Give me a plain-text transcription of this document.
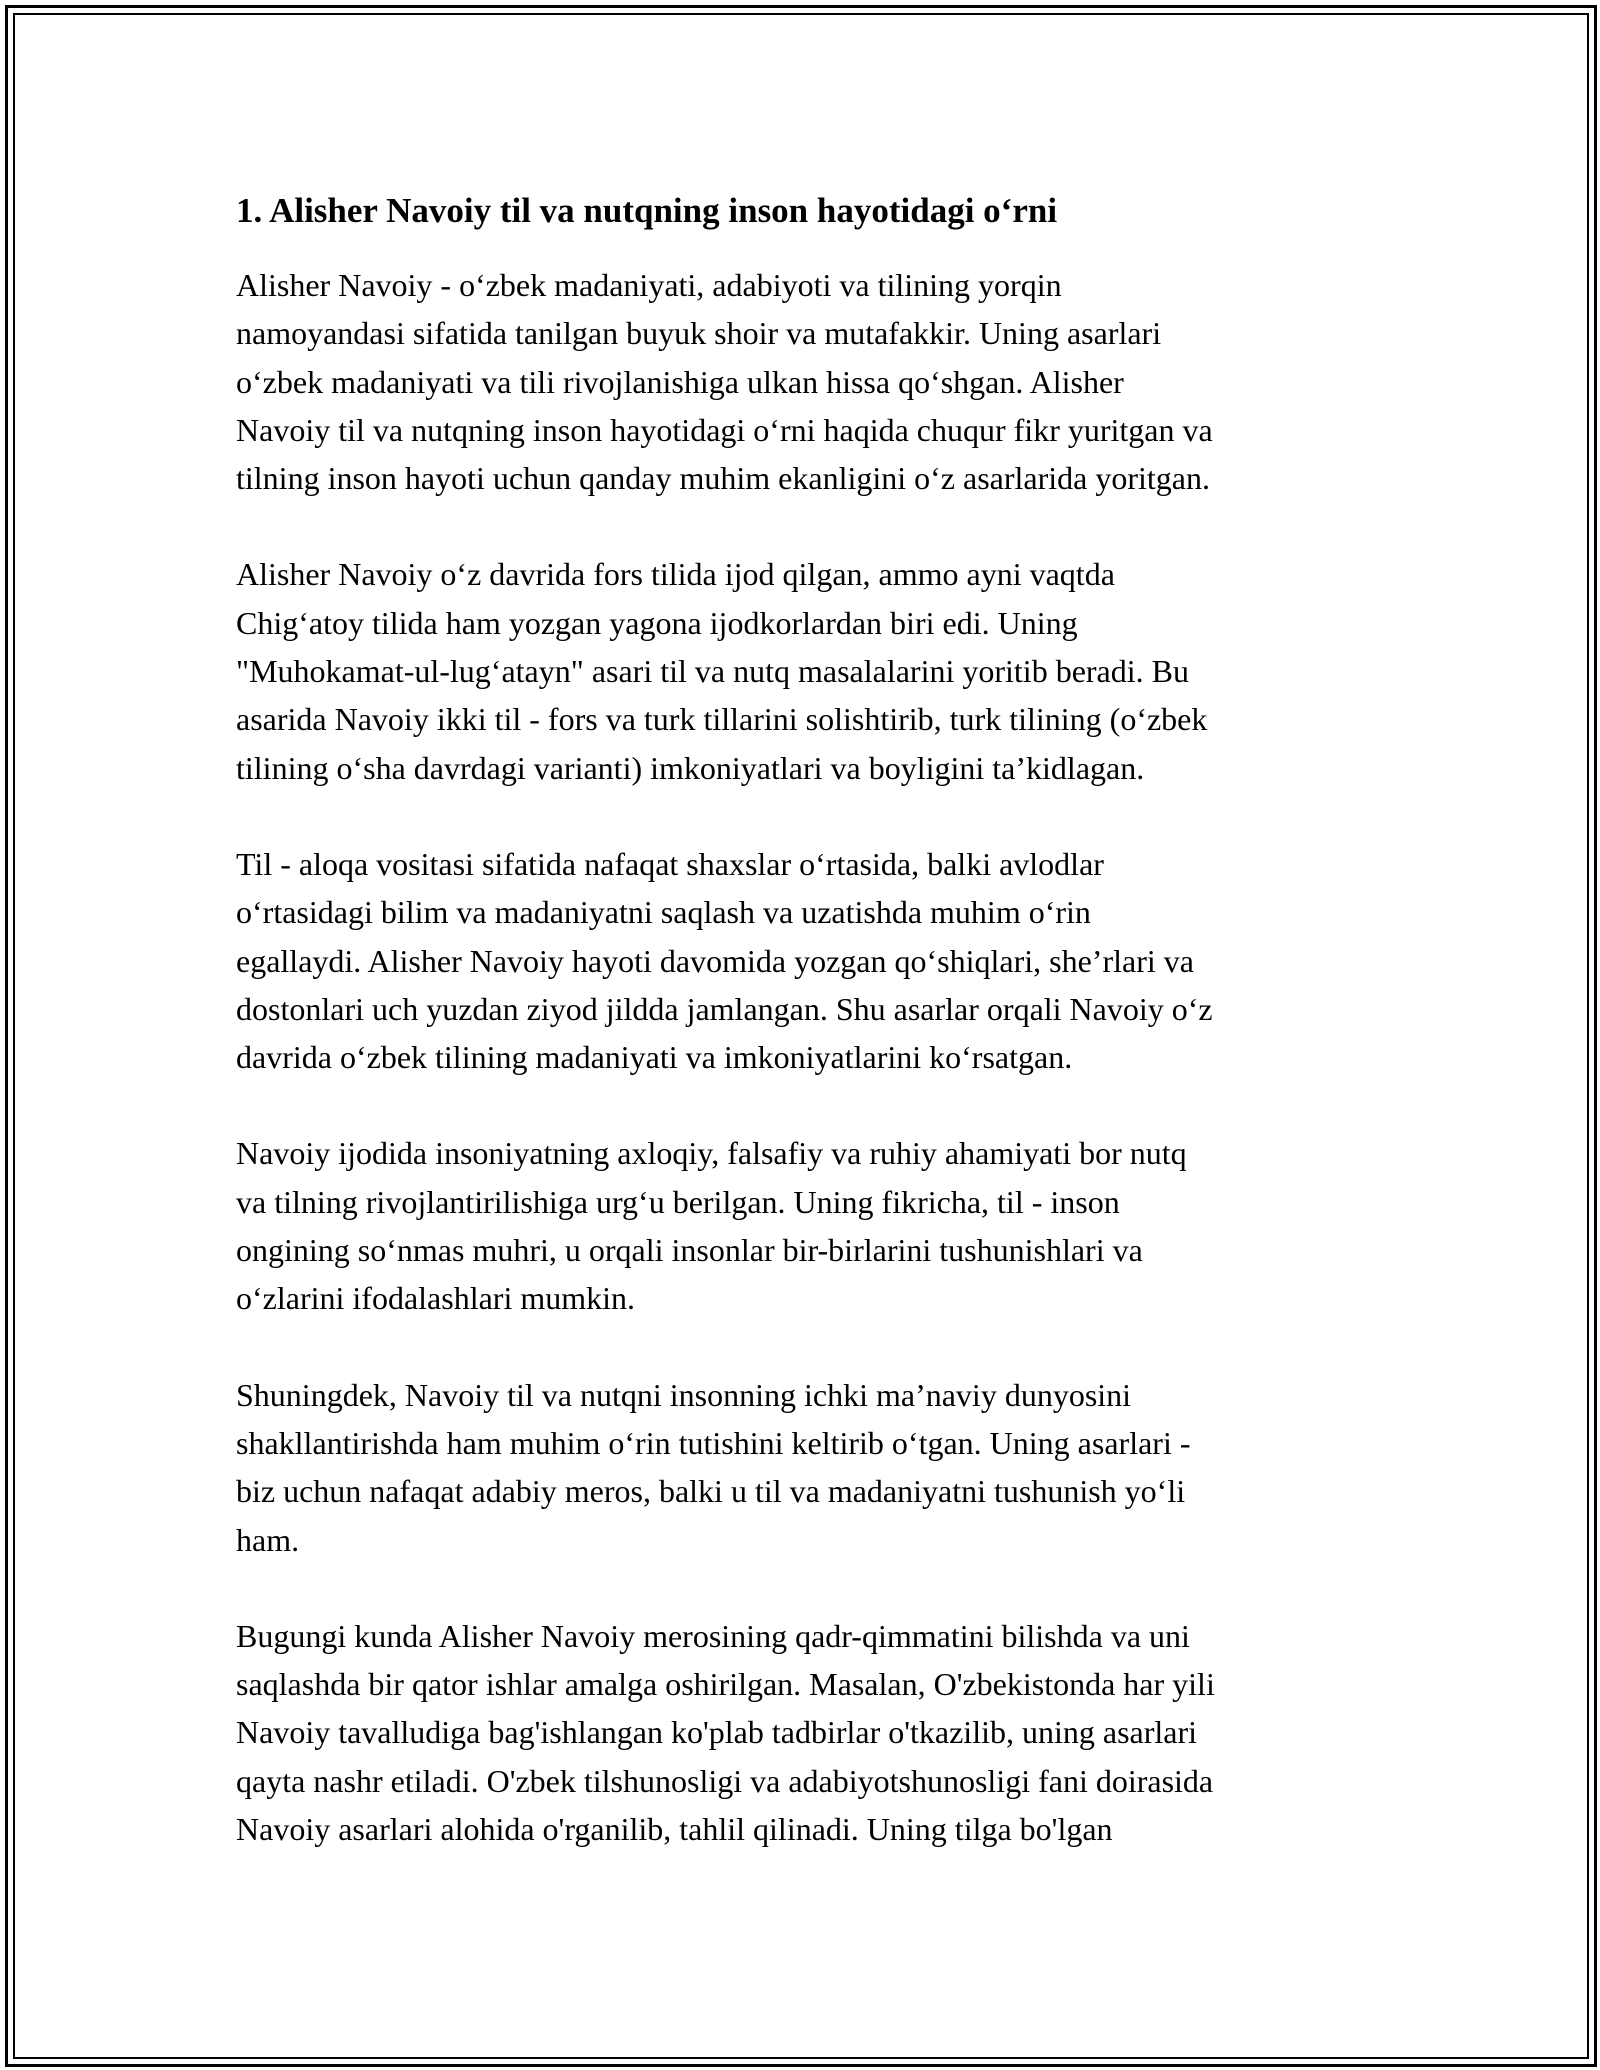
1. Alisher Navoiy til va nutqning inson hayotidagi o‘rni

Alisher Navoiy - o‘zbek madaniyati, adabiyoti va tilining yorqin
namoyandasi sifatida tanilgan buyuk shoir va mutafakkir. Uning asarlari
o‘zbek madaniyati va tili rivojlanishiga ulkan hissa qo‘shgan. Alisher
Navoiy til va nutqning inson hayotidagi o‘rni haqida chuqur fikr yuritgan va
tilning inson hayoti uchun qanday muhim ekanligini o‘z asarlarida yoritgan.

Alisher Navoiy o‘z davrida fors tilida ijod qilgan, ammo ayni vaqtda
Chig‘atoy tilida ham yozgan yagona ijodkorlardan biri edi. Uning
"Muhokamat-ul-lug‘atayn" asari til va nutq masalalarini yoritib beradi. Bu
asarida Navoiy ikki til - fors va turk tillarini solishtirib, turk tilining (o‘zbek
tilining o‘sha davrdagi varianti) imkoniyatlari va boyligini ta’kidlagan.

Til - aloqa vositasi sifatida nafaqat shaxslar o‘rtasida, balki avlodlar
o‘rtasidagi bilim va madaniyatni saqlash va uzatishda muhim o‘rin
egallaydi. Alisher Navoiy hayoti davomida yozgan qo‘shiqlari, she’rlari va
dostonlari uch yuzdan ziyod jildda jamlangan. Shu asarlar orqali Navoiy o‘z
davrida o‘zbek tilining madaniyati va imkoniyatlarini ko‘rsatgan.

Navoiy ijodida insoniyatning axloqiy, falsafiy va ruhiy ahamiyati bor nutq
va tilning rivojlantirilishiga urg‘u berilgan. Uning fikricha, til - inson
ongining so‘nmas muhri, u orqali insonlar bir-birlarini tushunishlari va
o‘zlarini ifodalashlari mumkin.

Shuningdek, Navoiy til va nutqni insonning ichki ma’naviy dunyosini
shakllantirishda ham muhim o‘rin tutishini keltirib o‘tgan. Uning asarlari -
biz uchun nafaqat adabiy meros, balki u til va madaniyatni tushunish yo‘li
ham.

Bugungi kunda Alisher Navoiy merosining qadr-qimmatini bilishda va uni
saqlashda bir qator ishlar amalga oshirilgan. Masalan, O'zbekistonda har yili
Navoiy tavalludiga bag'ishlangan ko'plab tadbirlar o'tkazilib, uning asarlari
qayta nashr etiladi. O'zbek tilshunosligi va adabiyotshunosligi fani doirasida
Navoiy asarlari alohida o'rganilib, tahlil qilinadi. Uning tilga bo'lgan
